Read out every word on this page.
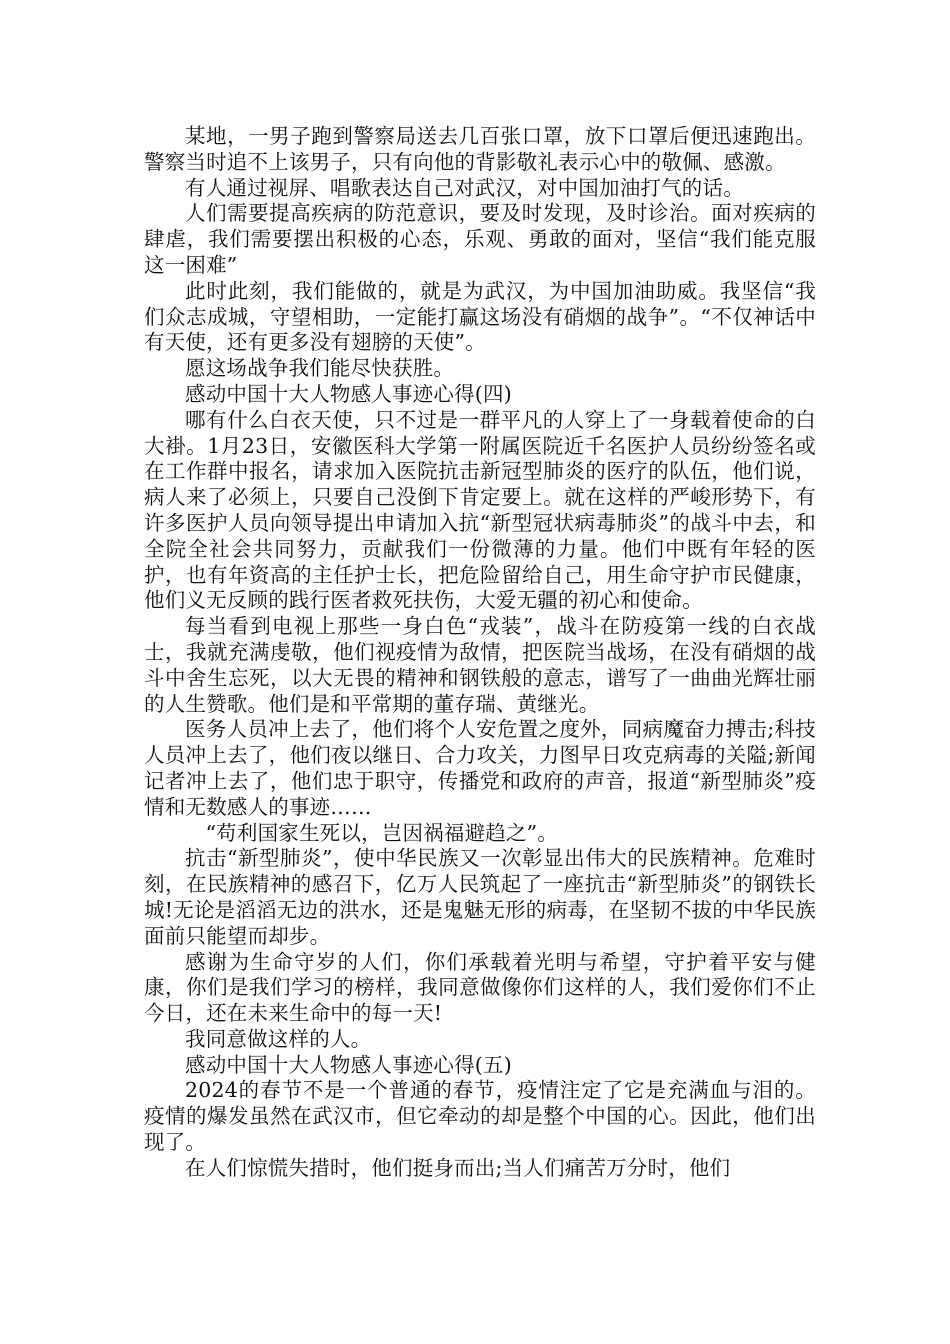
某地，一男子跑到警察局送去几百张口罩，放下口罩后便迅速跑出。警察当时追不上该男子，只有向他的背影敬礼表示心中的敬佩、感激。

有人通过视屏、唱歌表达自己对武汉，对中国加油打气的话。

人们需要提高疾病的防范意识，要及时发现，及时诊治。面对疾病的肆虐，我们需要摆出积极的心态，乐观、勇敢的面对，坚信“我们能克服这一困难”

此时此刻，我们能做的，就是为武汉，为中国加油助威。我坚信“我们众志成城，守望相助，一定能打赢这场没有硝烟的战争”。“不仅神话中有天使，还有更多没有翅膀的天使”。

愿这场战争我们能尽快获胜。

感动中国十大人物感人事迹心得(四)

哪有什么白衣天使，只不过是一群平凡的人穿上了一身载着使命的白大褂。1月23日，安徽医科大学第一附属医院近千名医护人员纷纷签名或在工作群中报名，请求加入医院抗击新冠型肺炎的医疗的队伍，他们说，病人来了必须上，只要自己没倒下肯定要上。就在这样的严峻形势下，有许多医护人员向领导提出申请加入抗“新型冠状病毒肺炎”的战斗中去，和全院全社会共同努力，贡献我们一份微薄的力量。他们中既有年轻的医护，也有年资高的主任护士长，把危险留给自己，用生命守护市民健康，他们义无反顾的践行医者救死扶伤，大爱无疆的初心和使命。

每当看到电视上那些一身白色“戎装”，战斗在防疫第一线的白衣战士，我就充满虔敬，他们视疫情为敌情，把医院当战场，在没有硝烟的战斗中舍生忘死，以大无畏的精神和钢铁般的意志，谱写了一曲曲光辉壮丽的人生赞歌。他们是和平常期的董存瑞、黄继光。

医务人员冲上去了，他们将个人安危置之度外，同病魔奋力搏击;科技人员冲上去了，他们夜以继日、合力攻关，力图早日攻克病毒的关隘;新闻记者冲上去了，他们忠于职守，传播党和政府的声音，报道“新型肺炎”疫情和无数感人的事迹……

“苟利国家生死以，岂因祸福避趋之”。

抗击“新型肺炎”，使中华民族又一次彰显出伟大的民族精神。危难时刻，在民族精神的感召下，亿万人民筑起了一座抗击“新型肺炎”的钢铁长城!无论是滔滔无边的洪水，还是鬼魅无形的病毒，在坚韧不拔的中华民族面前只能望而却步。

感谢为生命守岁的人们，你们承载着光明与希望，守护着平安与健康，你们是我们学习的榜样，我同意做像你们这样的人，我们爱你们不止今日，还在未来生命中的每一天!

我同意做这样的人。

感动中国十大人物感人事迹心得(五)

2024的春节不是一个普通的春节，疫情注定了它是充满血与泪的。疫情的爆发虽然在武汉市，但它牵动的却是整个中国的心。因此，他们出现了。

在人们惊慌失措时，他们挺身而出;当人们痛苦万分时，他们
